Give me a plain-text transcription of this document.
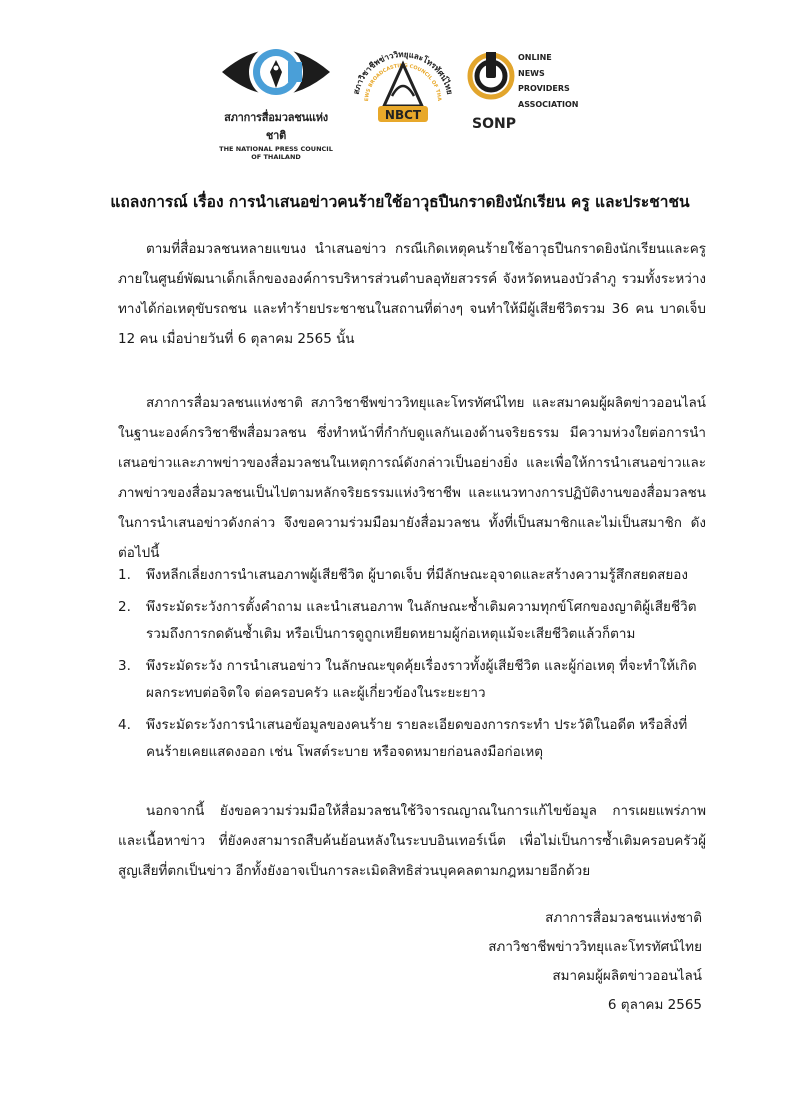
สภาการสื่อมวลชนแห่งชาติ
THE NATIONAL PRESS COUNCIL OF THAILAND
สภาวิชาชีพข่าววิทยุและโทรทัศน์ไทย
EWS BROADCASTING COUNCIL OF THA
NBCT
ONLINE
NEWS
PROVIDERS
ASSOCIATION
SONP
แถลงการณ์ เรื่อง การนำเสนอข่าวคนร้ายใช้อาวุธปืนกราดยิงนักเรียน ครู และประชาชน

ตามที่สื่อมวลชนหลายแขนง นำเสนอข่าว กรณีเกิดเหตุคนร้ายใช้อาวุธปืนกราดยิงนักเรียนและครู ภายในศูนย์พัฒนาเด็กเล็กขององค์การบริหารส่วนตำบลอุทัยสวรรค์ จังหวัดหนองบัวลำภู รวมทั้งระหว่างทางได้ก่อเหตุขับรถชน และทำร้ายประชาชนในสถานที่ต่างๆ จนทำให้มีผู้เสียชีวิตรวม 36 คน บาดเจ็บ 12 คน เมื่อบ่ายวันที่ 6 ตุลาคม 2565 นั้น

สภาการสื่อมวลชนแห่งชาติ สภาวิชาชีพข่าววิทยุและโทรทัศน์ไทย และสมาคมผู้ผลิตข่าวออนไลน์ ในฐานะองค์กรวิชาชีพสื่อมวลชน ซึ่งทำหน้าที่กำกับดูแลกันเองด้านจริยธรรม มีความห่วงใยต่อการนำเสนอข่าวและภาพข่าวของสื่อมวลชนในเหตุการณ์ดังกล่าวเป็นอย่างยิ่ง และเพื่อให้การนำเสนอข่าวและภาพข่าวของสื่อมวลชนเป็นไปตามหลักจริยธรรมแห่งวิชาชีพ และแนวทางการปฏิบัติงานของสื่อมวลชนในการนำเสนอข่าวดังกล่าว จึงขอความร่วมมือมายังสื่อมวลชน ทั้งที่เป็นสมาชิกและไม่เป็นสมาชิก ดังต่อไปนี้

1. พึงหลีกเลี่ยงการนำเสนอภาพผู้เสียชีวิต ผู้บาดเจ็บ ที่มีลักษณะอุจาดและสร้างความรู้สึกสยดสยอง
2. พึงระมัดระวังการตั้งคำถาม และนำเสนอภาพ ในลักษณะซ้ำเติมความทุกข์โศกของญาติผู้เสียชีวิต รวมถึงการกดดันซ้ำเติม หรือเป็นการดูถูกเหยียดหยามผู้ก่อเหตุแม้จะเสียชีวิตแล้วก็ตาม
3. พึงระมัดระวัง การนำเสนอข่าว ในลักษณะขุดคุ้ยเรื่องราวทั้งผู้เสียชีวิต และผู้ก่อเหตุ ที่จะทำให้เกิดผลกระทบต่อจิตใจ ต่อครอบครัว และผู้เกี่ยวข้องในระยะยาว
4. พึงระมัดระวังการนำเสนอข้อมูลของคนร้าย รายละเอียดของการกระทำ ประวัติในอดีต หรือสิ่งที่คนร้ายเคยแสดงออก เช่น โพสต์ระบาย หรือจดหมายก่อนลงมือก่อเหตุ

นอกจากนี้ ยังขอความร่วมมือให้สื่อมวลชนใช้วิจารณญาณในการแก้ไขข้อมูล การเผยแพร่ภาพ และเนื้อหาข่าว ที่ยังคงสามารถสืบค้นย้อนหลังในระบบอินเทอร์เน็ต เพื่อไม่เป็นการซ้ำเติมครอบครัวผู้สูญเสียที่ตกเป็นข่าว อีกทั้งยังอาจเป็นการละเมิดสิทธิส่วนบุคคลตามกฎหมายอีกด้วย

สภาการสื่อมวลชนแห่งชาติ
สภาวิชาชีพข่าววิทยุและโทรทัศน์ไทย
สมาคมผู้ผลิตข่าวออนไลน์
6 ตุลาคม 2565
